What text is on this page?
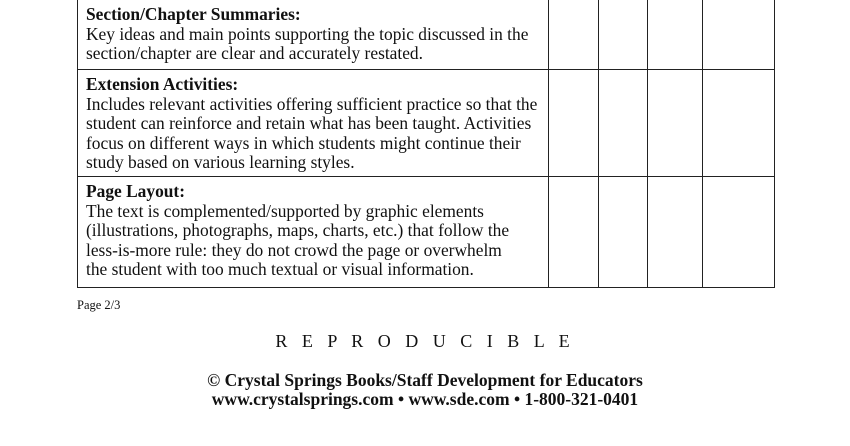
Section/Chapter Summaries:
Key ideas and main points supporting the topic discussed in the
section/chapter are clear and accurately restated.
Extension Activities:
Includes relevant activities offering sufficient practice so that the
student can reinforce and retain what has been taught. Activities
focus on different ways in which students might continue their
study based on various learning styles.
Page Layout:
The text is complemented/supported by graphic elements
(illustrations, photographs, maps, charts, etc.) that follow the
less-is-more rule: they do not crowd the page or overwhelm
the student with too much textual or visual information.
Page 2/3
R E P R O D U C I B L E
© Crystal Springs Books/Staff Development for Educators
www.crystalsprings.com • www.sde.com • 1-800-321-0401
